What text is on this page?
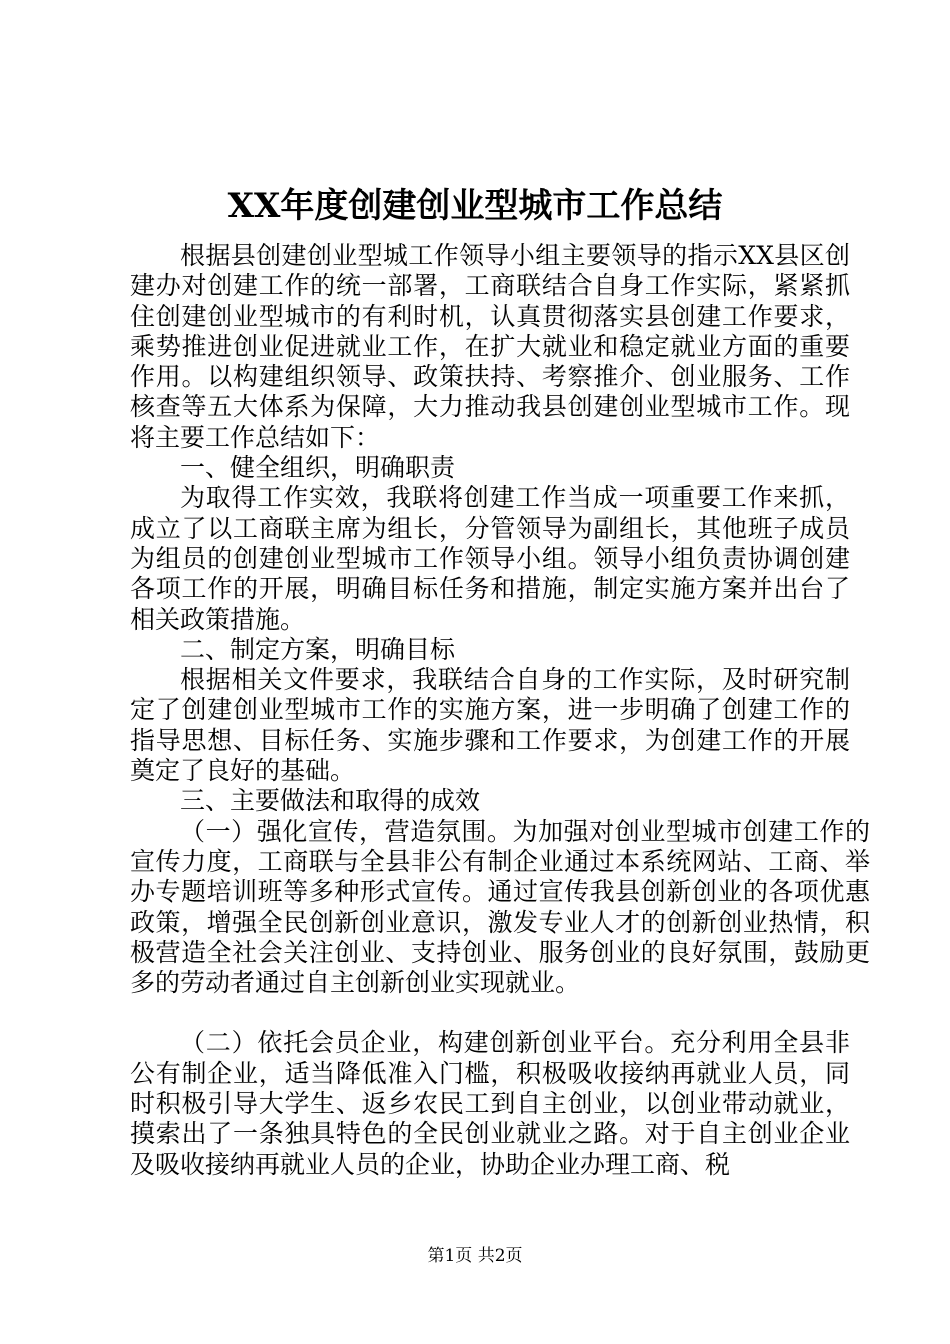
XX年度创建创业型城市工作总结

根据县创建创业型城工作领导小组主要领导的指示XX县区创建办对创建工作的统一部署，工商联结合自身工作实际，紧紧抓住创建创业型城市的有利时机，认真贯彻落实县创建工作要求，乘势推进创业促进就业工作，在扩大就业和稳定就业方面的重要作用。以构建组织领导、政策扶持、考察推介、创业服务、工作核查等五大体系为保障，大力推动我县创建创业型城市工作。现将主要工作总结如下：

一、健全组织，明确职责

为取得工作实效，我联将创建工作当成一项重要工作来抓，成立了以工商联主席为组长，分管领导为副组长，其他班子成员为组员的创建创业型城市工作领导小组。领导小组负责协调创建各项工作的开展，明确目标任务和措施，制定实施方案并出台了相关政策措施。

二、制定方案，明确目标

根据相关文件要求，我联结合自身的工作实际，及时研究制定了创建创业型城市工作的实施方案，进一步明确了创建工作的指导思想、目标任务、实施步骤和工作要求，为创建工作的开展奠定了良好的基础。

三、主要做法和取得的成效

（一）强化宣传，营造氛围。为加强对创业型城市创建工作的宣传力度，工商联与全县非公有制企业通过本系统网站、工商、举办专题培训班等多种形式宣传。通过宣传我县创新创业的各项优惠政策，增强全民创新创业意识，激发专业人才的创新创业热情，积极营造全社会关注创业、支持创业、服务创业的良好氛围，鼓励更多的劳动者通过自主创新创业实现就业。

（二）依托会员企业，构建创新创业平台。充分利用全县非公有制企业，适当降低准入门槛，积极吸收接纳再就业人员，同时积极引导大学生、返乡农民工到自主创业，以创业带动就业，摸索出了一条独具特色的全民创业就业之路。对于自主创业企业及吸收接纳再就业人员的企业，协助企业办理工商、税

第1页 共2页
